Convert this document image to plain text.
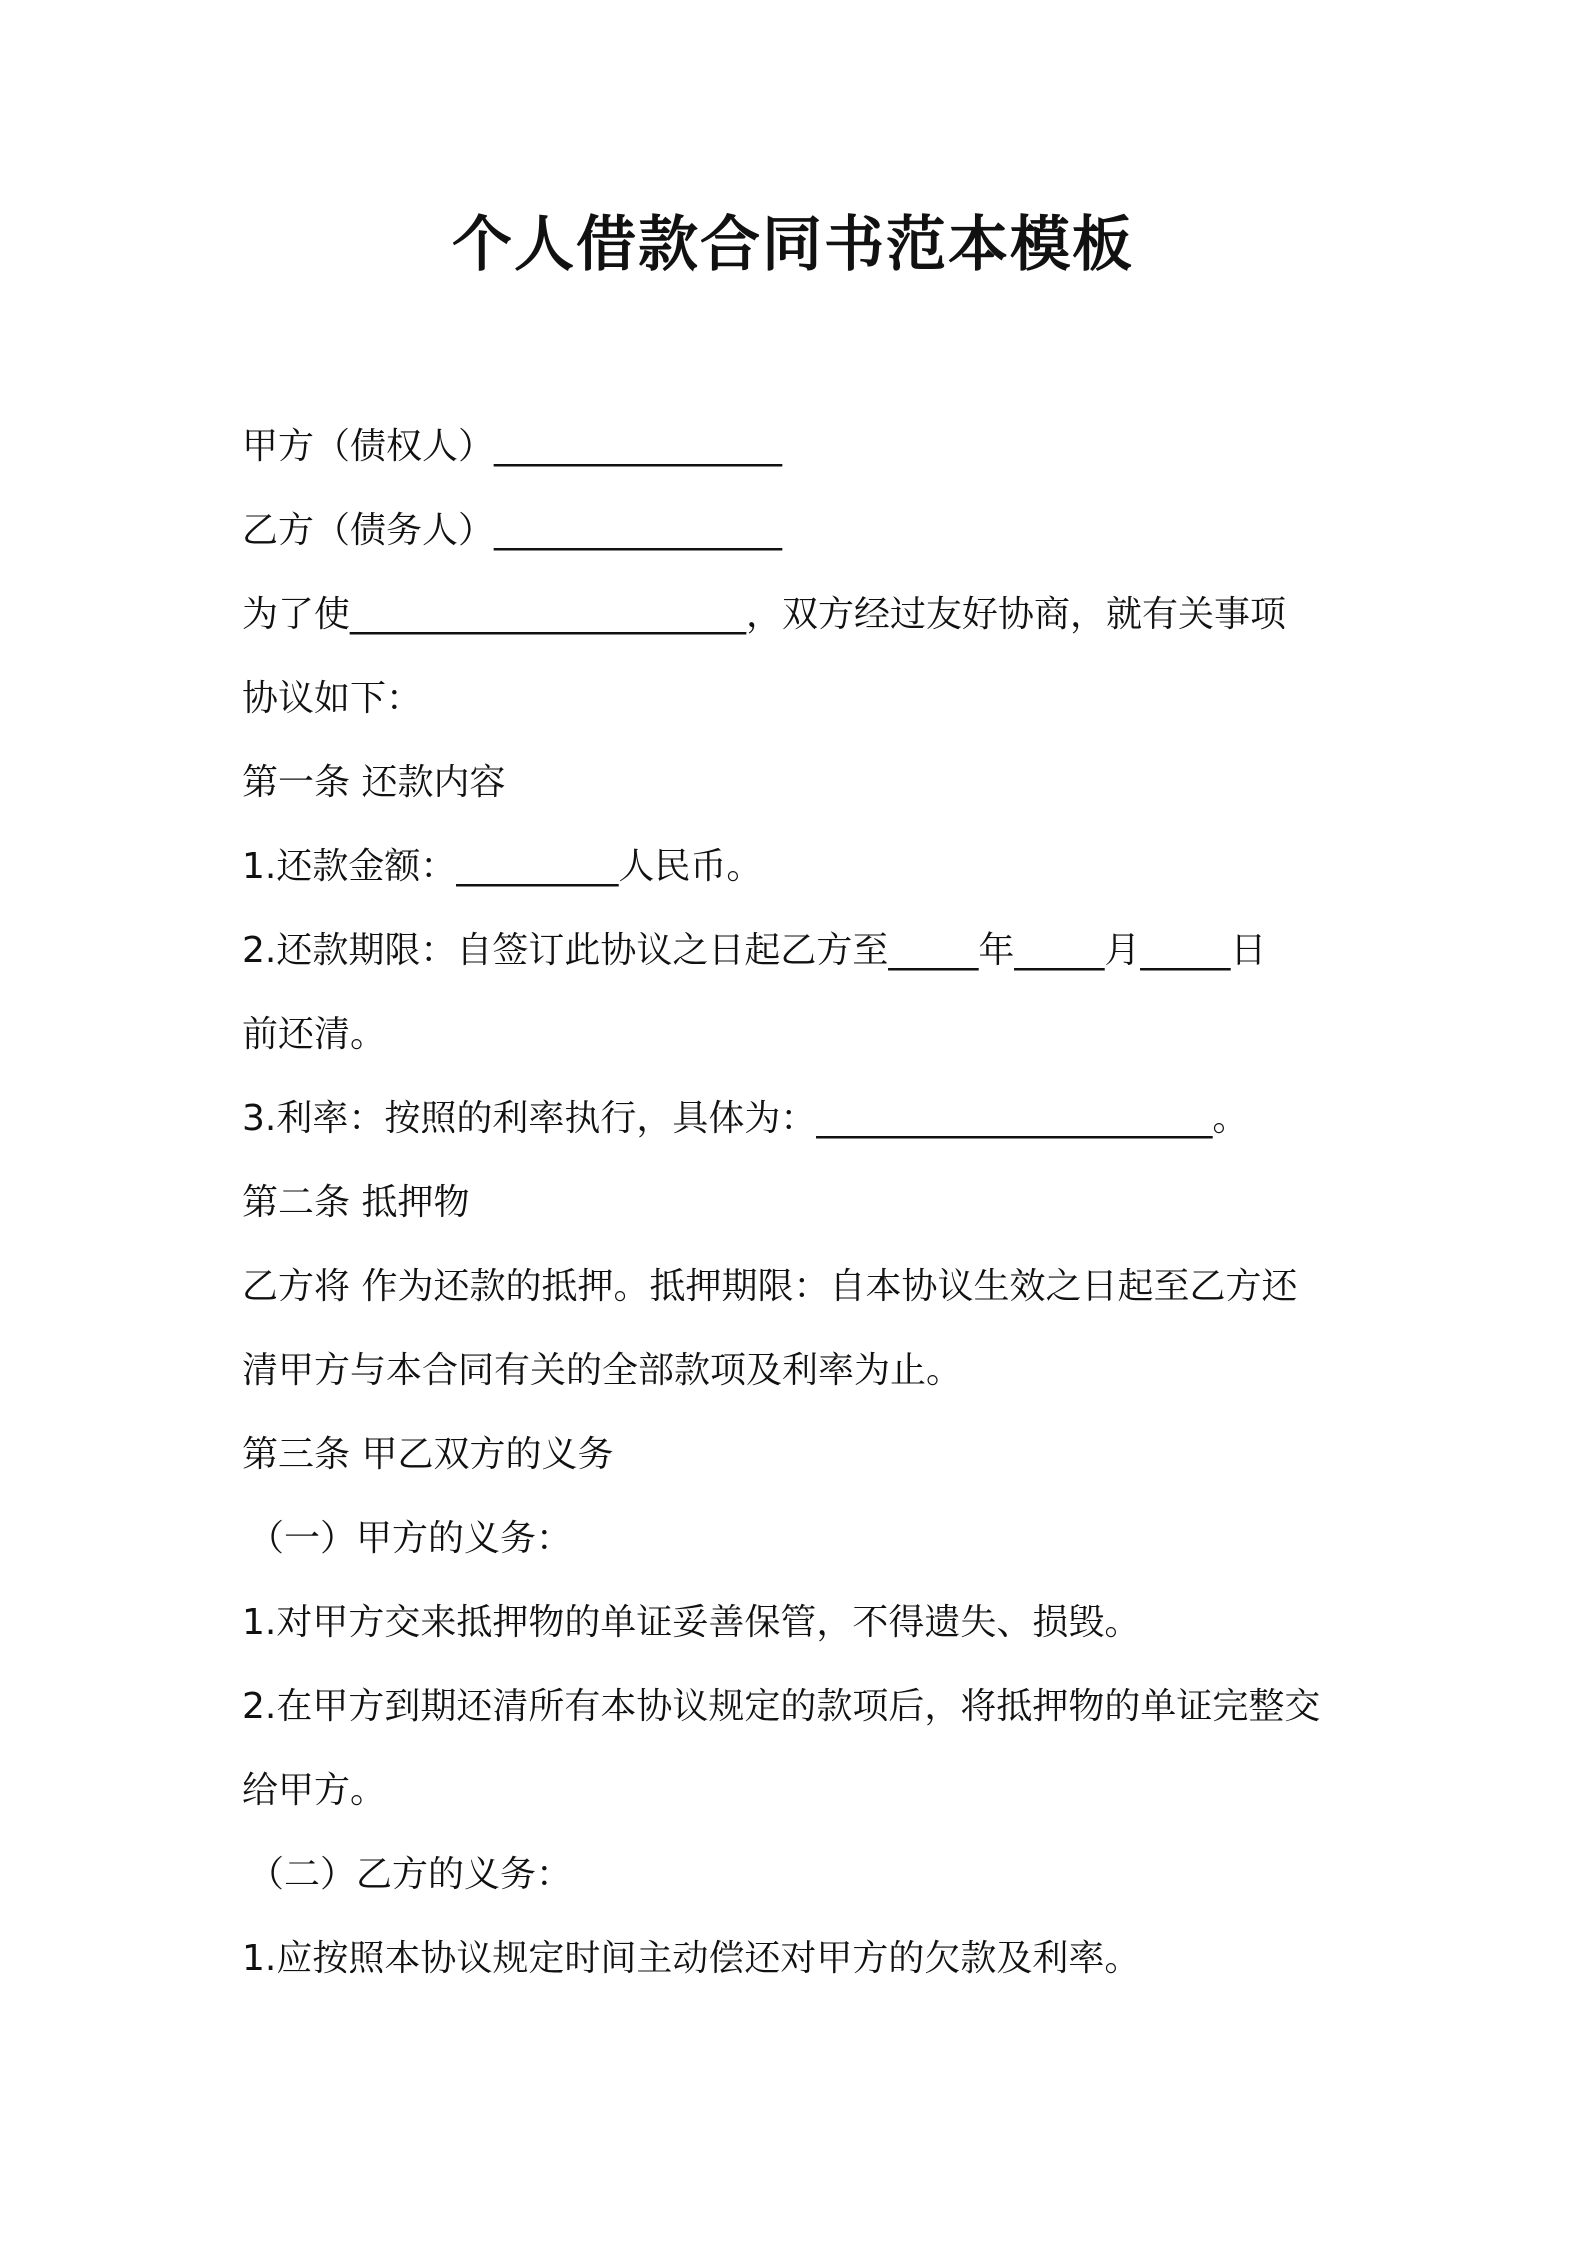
个人借款合同书范本模板

甲方（债权人）________________

乙方（债务人）________________

为了使______________________，双方经过友好协商，就有关事项

协议如下：

第一条 还款内容

1.还款金额：_________人民币。

2.还款期限：自签订此协议之日起乙方至_____年_____月_____日

前还清。

3.利率：按照的利率执行，具体为：______________________。

第二条 抵押物

乙方将 作为还款的抵押。抵押期限：自本协议生效之日起至乙方还

清甲方与本合同有关的全部款项及利率为止。

第三条 甲乙双方的义务

（一）甲方的义务：

1.对甲方交来抵押物的单证妥善保管，不得遗失、损毁。

2.在甲方到期还清所有本协议规定的款项后，将抵押物的单证完整交

给甲方。

（二）乙方的义务：

1.应按照本协议规定时间主动偿还对甲方的欠款及利率。
